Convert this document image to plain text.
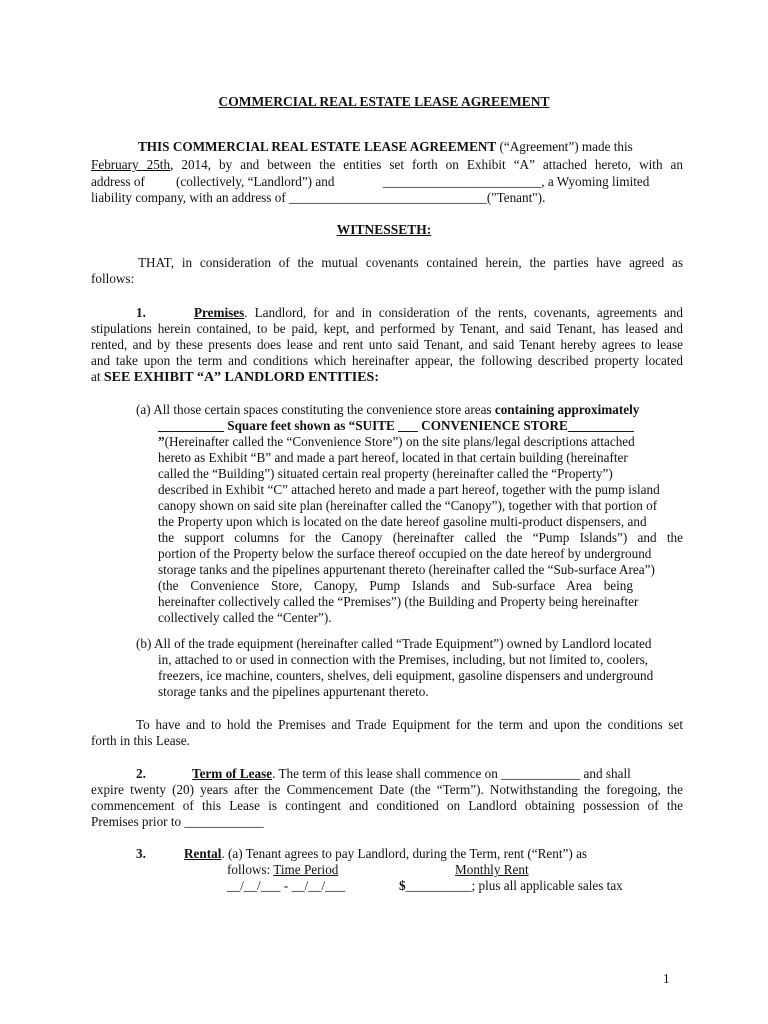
COMMERCIAL REAL ESTATE LEASE AGREEMENT
THIS COMMERCIAL REAL ESTATE LEASE AGREEMENT (“Agreement”) made this
February 25th, 2014, by and between the entities set forth on Exhibit “A” attached hereto, with an
address of (collectively, “Landlord”) and	________________________, a Wyoming limited
liability company, with an address of ______________________________("Tenant").
WITNESSETH:
THAT, in consideration of the mutual covenants contained herein, the parties have agreed as
follows:
1.	Premises. Landlord, for and in consideration of the rents, covenants, agreements and
stipulations herein contained, to be paid, kept, and performed by Tenant, and said Tenant, has leased and
rented, and by these presents does lease and rent unto said Tenant, and said Tenant hereby agrees to lease
and take upon the term and conditions which hereinafter appear, the following described property located
at SEE EXHIBIT “A” LANDLORD ENTITIES:
(a) All those certain spaces constituting the convenience store areas containing approximately
__________ Square feet shown as “SUITE ___ CONVENIENCE STORE__________
”(Hereinafter called the “Convenience Store”) on the site plans/legal descriptions attached
hereto as Exhibit “B” and made a part hereof, located in that certain building (hereinafter
called the “Building”) situated certain real property (hereinafter called the “Property”)
described in Exhibit “C” attached hereto and made a part hereof, together with the pump island
canopy shown on said site plan (hereinafter called the “Canopy”), together with that portion of
the Property upon which is located on the date hereof gasoline multi-product dispensers, and
the support columns for the Canopy (hereinafter called the “Pump Islands”) and the
portion of the Property below the surface thereof occupied on the date hereof by underground
storage tanks and the pipelines appurtenant thereto (hereinafter called the “Sub-surface Area”)
(the Convenience Store, Canopy, Pump Islands and Sub-surface Area being
hereinafter collectively called the “Premises”) (the Building and Property being hereinafter
collectively called the “Center”).
(b) All of the trade equipment (hereinafter called “Trade Equipment”) owned by Landlord located
in, attached to or used in connection with the Premises, including, but not limited to, coolers,
freezers, ice machine, counters, shelves, deli equipment, gasoline dispensers and underground
storage tanks and the pipelines appurtenant thereto.
To have and to hold the Premises and Trade Equipment for the term and upon the conditions set
forth in this Lease.
2.	Term of Lease. The term of this lease shall commence on ____________ and shall
expire twenty (20) years after the Commencement Date (the “Term”). Notwithstanding the foregoing, the
commencement of this Lease is contingent and conditioned on Landlord obtaining possession of the
Premises prior to ____________
3.	Rental. (a) Tenant agrees to pay Landlord, during the Term, rent (“Rent”) as
follows: Time Period	Monthly Rent
__/__/___ - __/__/___	$__________; plus all applicable sales tax
1
